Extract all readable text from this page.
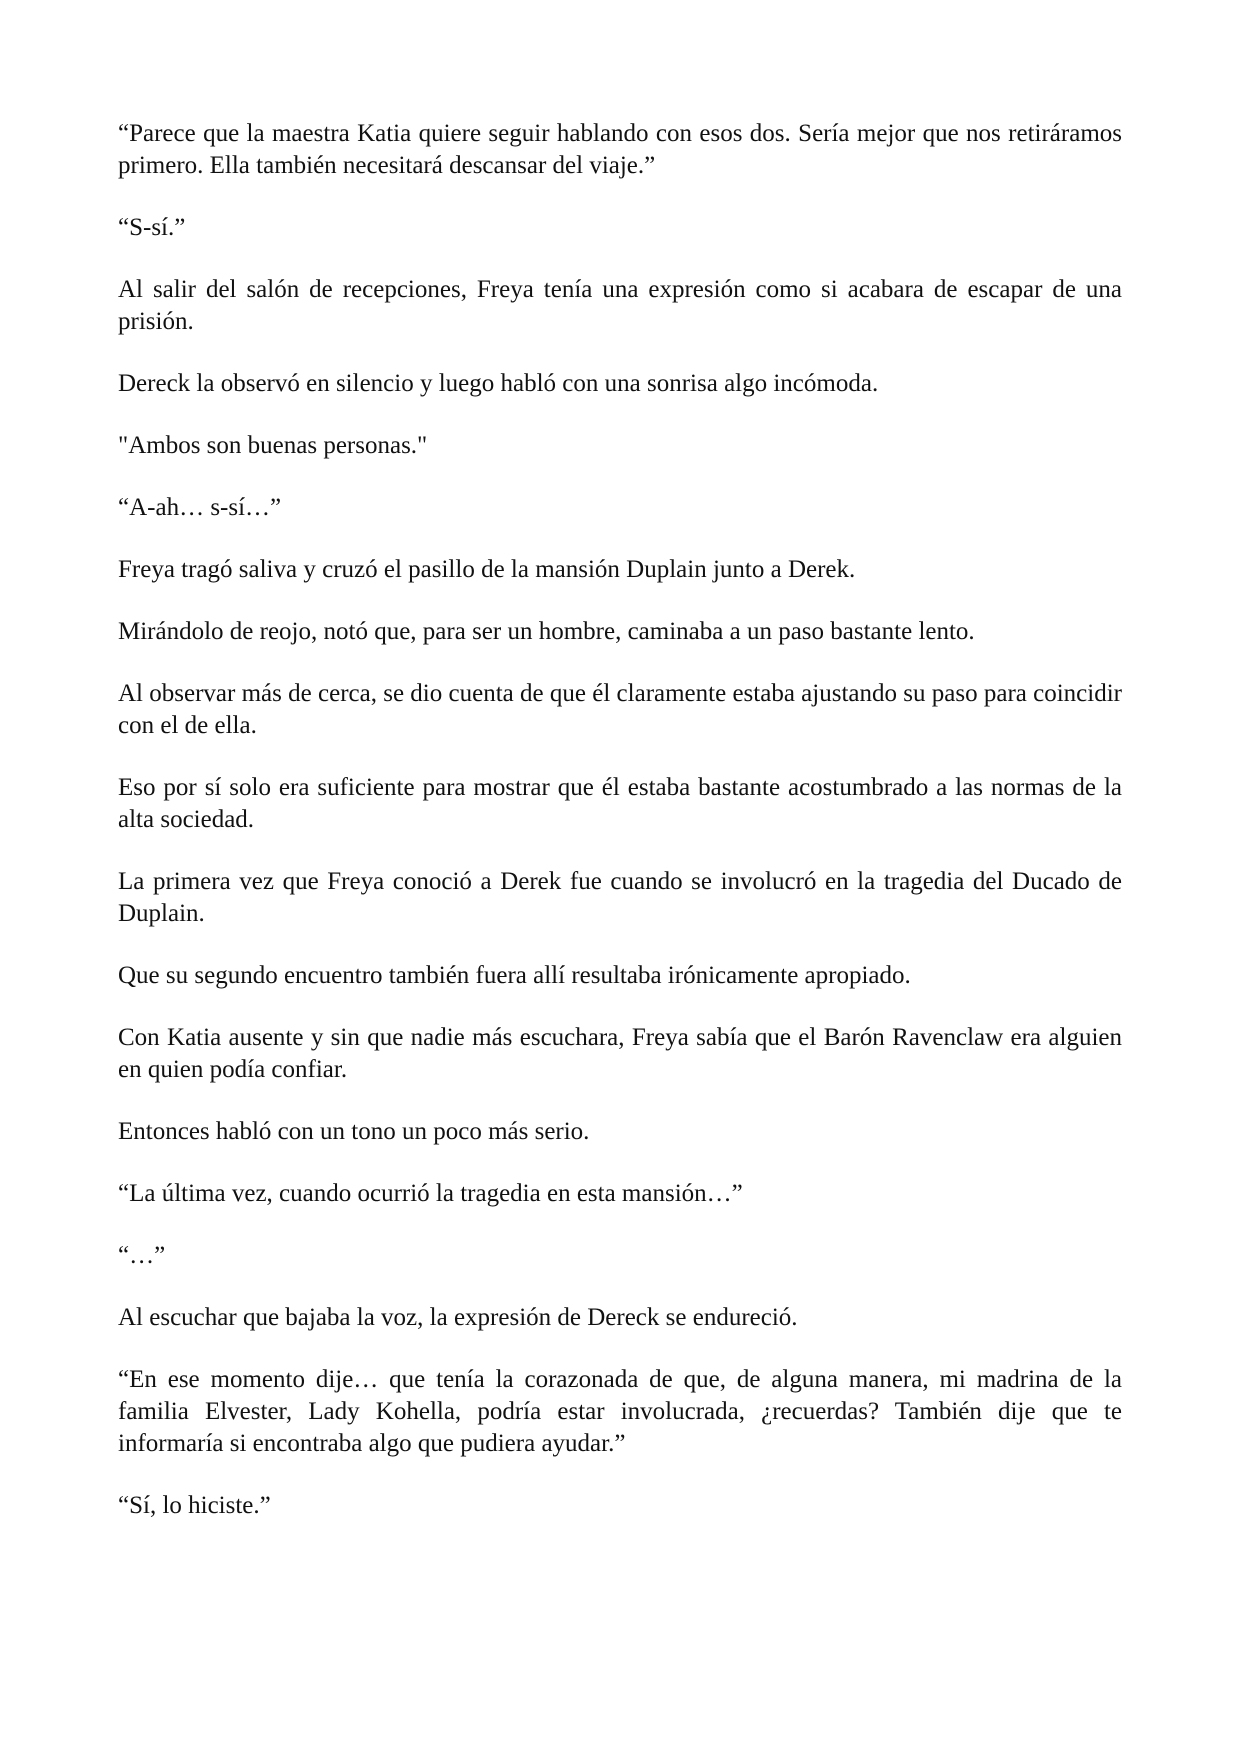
“Parece que la maestra Katia quiere seguir hablando con esos dos. Sería mejor que nos retiráramos primero. Ella también necesitará descansar del viaje.”

“S-sí.”

Al salir del salón de recepciones, Freya tenía una expresión como si acabara de escapar de una prisión.

Dereck la observó en silencio y luego habló con una sonrisa algo incómoda.

"Ambos son buenas personas."

“A-ah… s-sí…”

Freya tragó saliva y cruzó el pasillo de la mansión Duplain junto a Derek.

Mirándolo de reojo, notó que, para ser un hombre, caminaba a un paso bastante lento.

Al observar más de cerca, se dio cuenta de que él claramente estaba ajustando su paso para coincidir con el de ella.

Eso por sí solo era suficiente para mostrar que él estaba bastante acostumbrado a las normas de la alta sociedad.

La primera vez que Freya conoció a Derek fue cuando se involucró en la tragedia del Ducado de Duplain.

Que su segundo encuentro también fuera allí resultaba irónicamente apropiado.

Con Katia ausente y sin que nadie más escuchara, Freya sabía que el Barón Ravenclaw era alguien en quien podía confiar.

Entonces habló con un tono un poco más serio.

“La última vez, cuando ocurrió la tragedia en esta mansión…”

“…”

Al escuchar que bajaba la voz, la expresión de Dereck se endureció.

“En ese momento dije… que tenía la corazonada de que, de alguna manera, mi madrina de la familia Elvester, Lady Kohella, podría estar involucrada, ¿recuerdas? También dije que te informaría si encontraba algo que pudiera ayudar.”

“Sí, lo hiciste.”
